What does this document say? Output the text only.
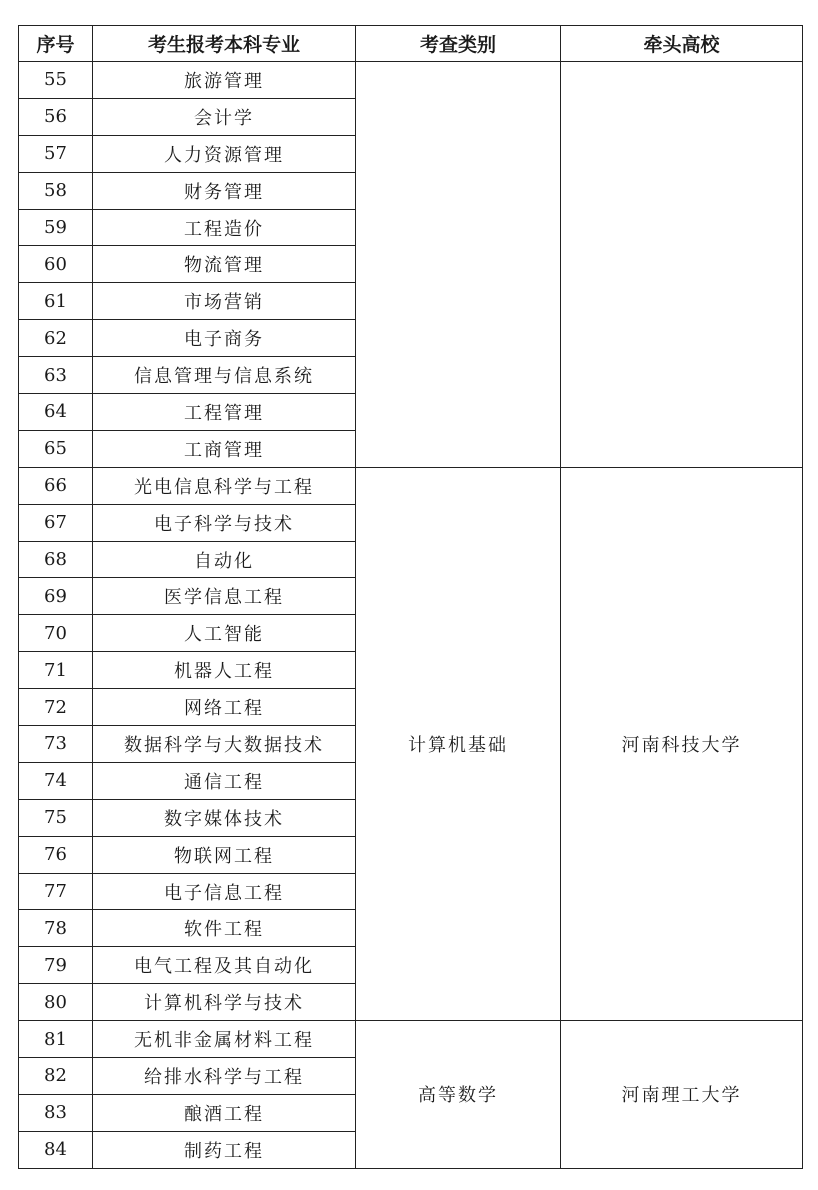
序号	考生报考本科专业	考查类别	牵头高校
55	旅游管理		
56	会计学		
57	人力资源管理		
58	财务管理		
59	工程造价		
60	物流管理		
61	市场营销		
62	电子商务		
63	信息管理与信息系统		
64	工程管理		
65	工商管理		
66	光电信息科学与工程	计算机基础	河南科技大学
67	电子科学与技术		
68	自动化		
69	医学信息工程		
70	人工智能		
71	机器人工程		
72	网络工程		
73	数据科学与大数据技术		
74	通信工程		
75	数字媒体技术		
76	物联网工程		
77	电子信息工程		
78	软件工程		
79	电气工程及其自动化		
80	计算机科学与技术		
81	无机非金属材料工程	高等数学	河南理工大学
82	给排水科学与工程		
83	酿酒工程		
84	制药工程		
